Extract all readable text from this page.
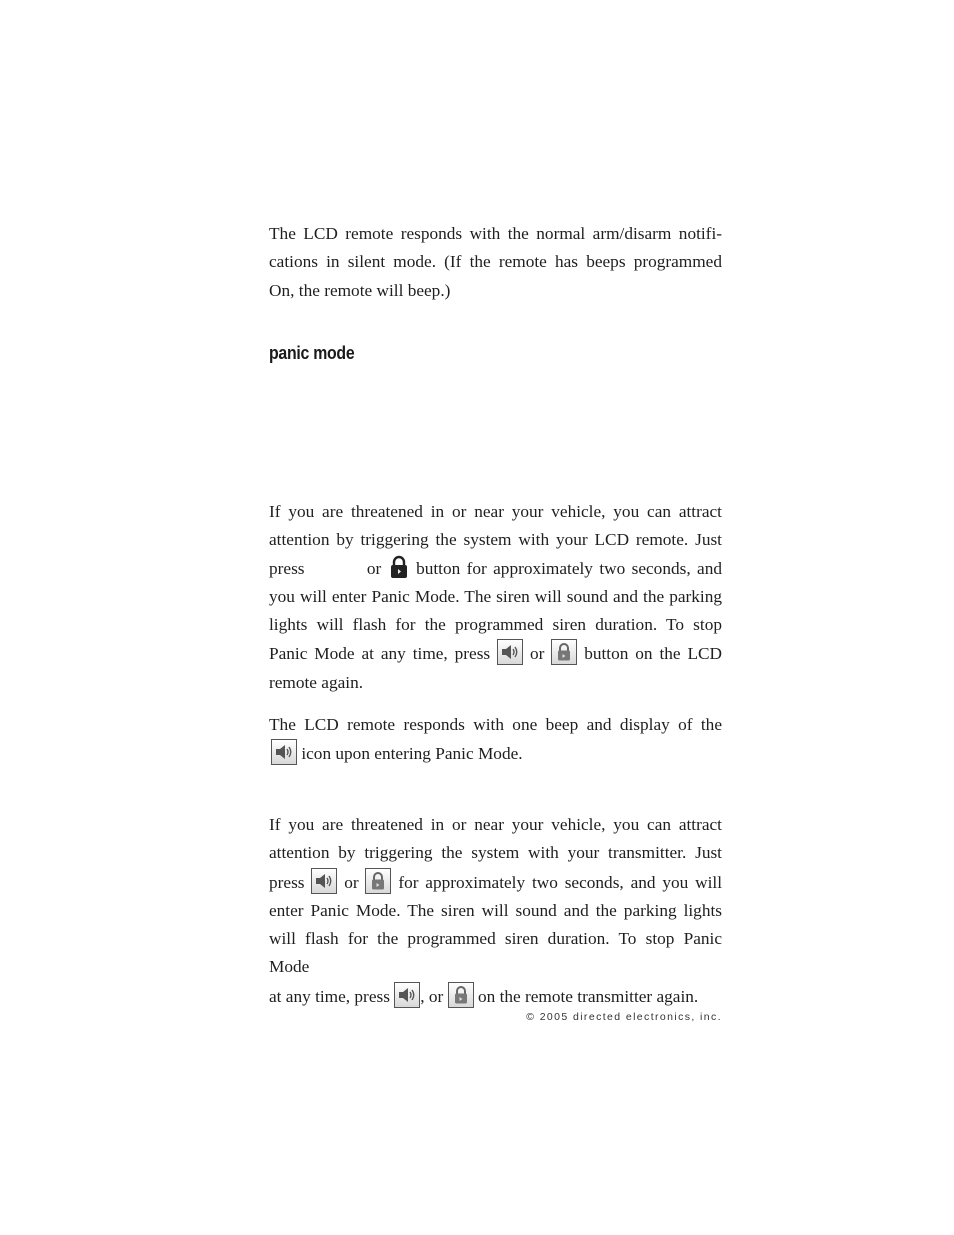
The LCD remote responds with the normal arm/disarm notifi-

cations in silent mode. (If the remote has beeps programmed

On, the remote will beep.)

panic mode

If you are threatened in or near your vehicle, you can attract

attention by triggering the system with your LCD remote. Just

press	or button for approximately two seconds, and

you will enter Panic Mode. The siren will sound and the parking

lights will flash for the programmed siren duration. To stop

Panic Mode at any time, press or button on the LCD

remote again.

The LCD remote responds with one beep and display of the

icon upon entering Panic Mode.

If you are threatened in or near your vehicle, you can attract

attention by triggering the system with your transmitter. Just

press or for approximately two seconds, and you will

enter Panic Mode. The siren will sound and the parking lights

will flash for the programmed siren duration. To stop Panic Mode

at any time, press , or on the remote transmitter again.

© 2005 directed electronics, inc.
